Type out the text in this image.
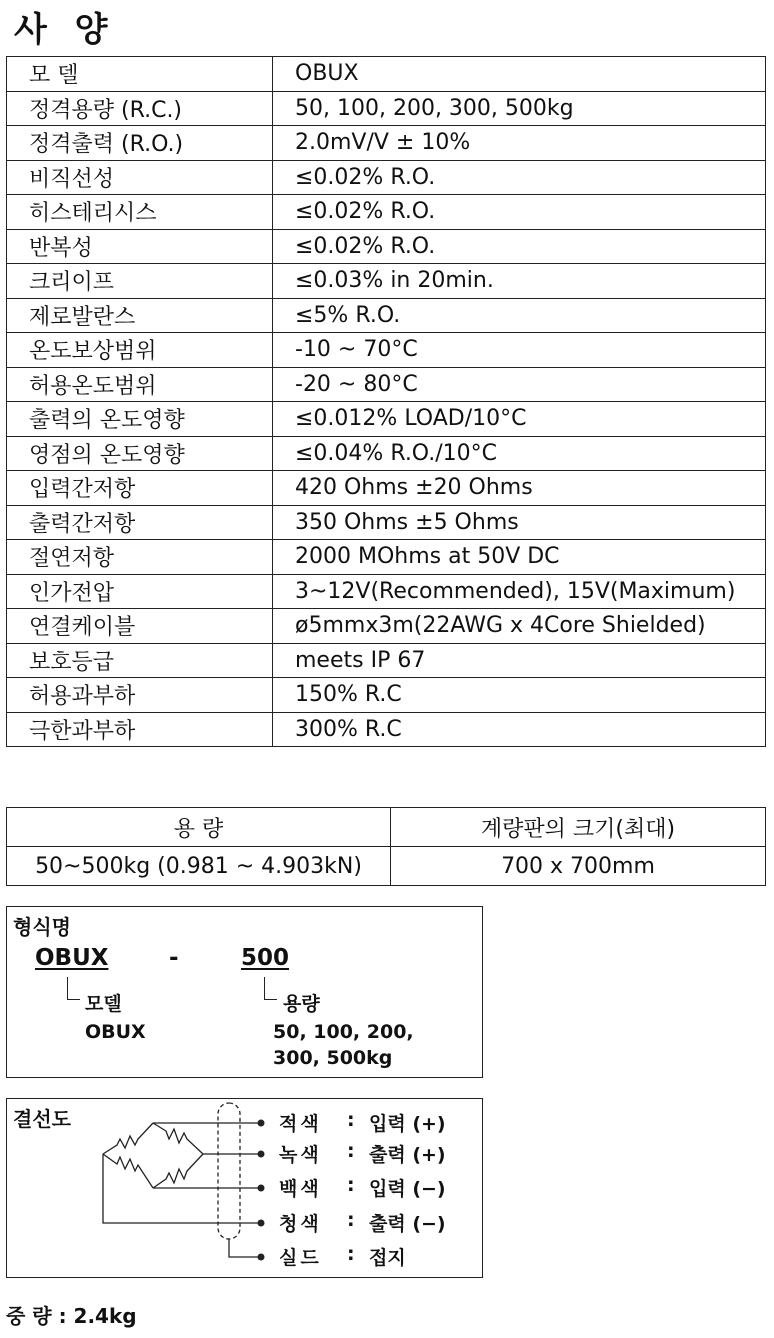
사 양
모 델	OBUX
정격용량 (R.C.)	50, 100, 200, 300, 500kg
정격출력 (R.O.)	2.0mV/V ± 10%
비직선성	≤0.02% R.O.
히스테리시스	≤0.02% R.O.
반복성	≤0.02% R.O.
크리이프	≤0.03% in 20min.
제로발란스	≤5% R.O.
온도보상범위	-10 ~ 70°C
허용온도범위	-20 ~ 80°C
출력의 온도영향	≤0.012% LOAD/10°C
영점의 온도영향	≤0.04% R.O./10°C
입력간저항	420 Ohms ±20 Ohms
출력간저항	350 Ohms ±5 Ohms
절연저항	2000 MOhms at 50V DC
인가전압	3~12V(Recommended), 15V(Maximum)
연결케이블	ø5mmx3m(22AWG x 4Core Shielded)
보호등급	meets IP 67
허용과부하	150% R.C
극한과부하	300% R.C
용 량	계량판의 크기(최대)
50~500kg (0.981 ~ 4.903kN)	700 x 700mm
형식명
OBUX	-	500
모델	용량
OBUX	50, 100, 200,
300, 500kg
결선도	적색 : 입력 (+)
녹색 : 출력 (+)
백색 : 입력 (−)
청색 : 출력 (−)
실드 : 접지
중 량 : 2.4kg
